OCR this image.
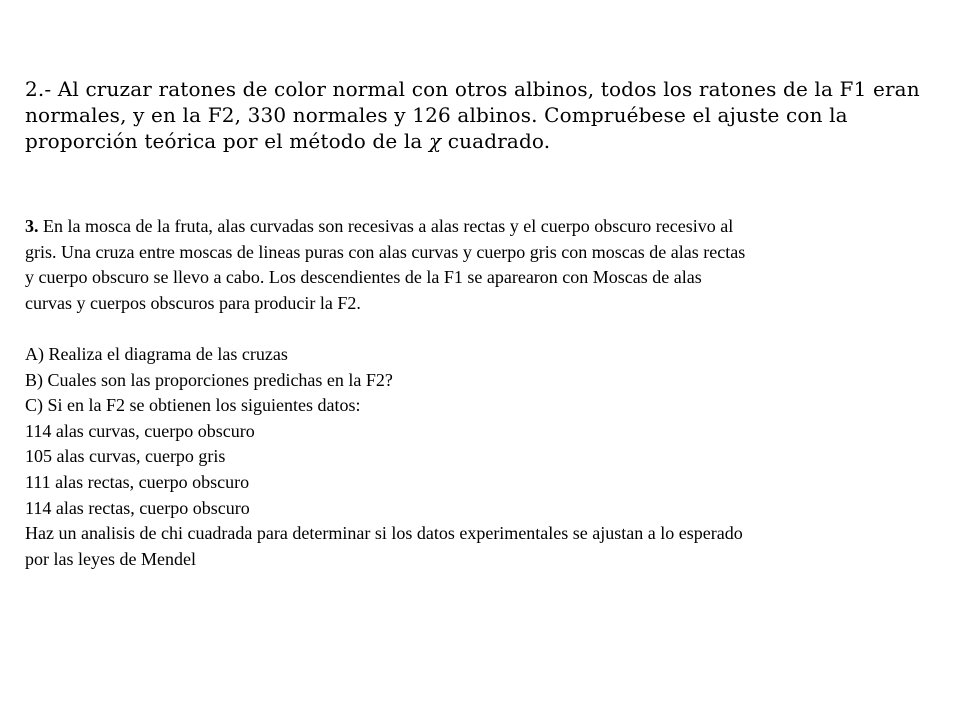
2.- Al cruzar ratones de color normal con otros albinos, todos los ratones de la F1 eran
normales, y en la F2, 330 normales y 126 albinos. Compruébese el ajuste con la
proporción teórica por el método de la χ cuadrado.
3. En la mosca de la fruta, alas curvadas son recesivas a alas rectas y el cuerpo obscuro recesivo al
gris. Una cruza entre moscas de lineas puras con alas curvas y cuerpo gris con moscas de alas rectas
y cuerpo obscuro se llevo a cabo. Los descendientes de la F1 se aparearon con Moscas de alas
curvas y cuerpos obscuros para producir la F2.
A) Realiza el diagrama de las cruzas
B) Cuales son las proporciones predichas en la F2?
C) Si en la F2 se obtienen los siguientes datos:
114 alas curvas, cuerpo obscuro
105 alas curvas, cuerpo gris
111 alas rectas, cuerpo obscuro
114 alas rectas, cuerpo obscuro
Haz un analisis de chi cuadrada para determinar si los datos experimentales se ajustan a lo esperado
por las leyes de Mendel
